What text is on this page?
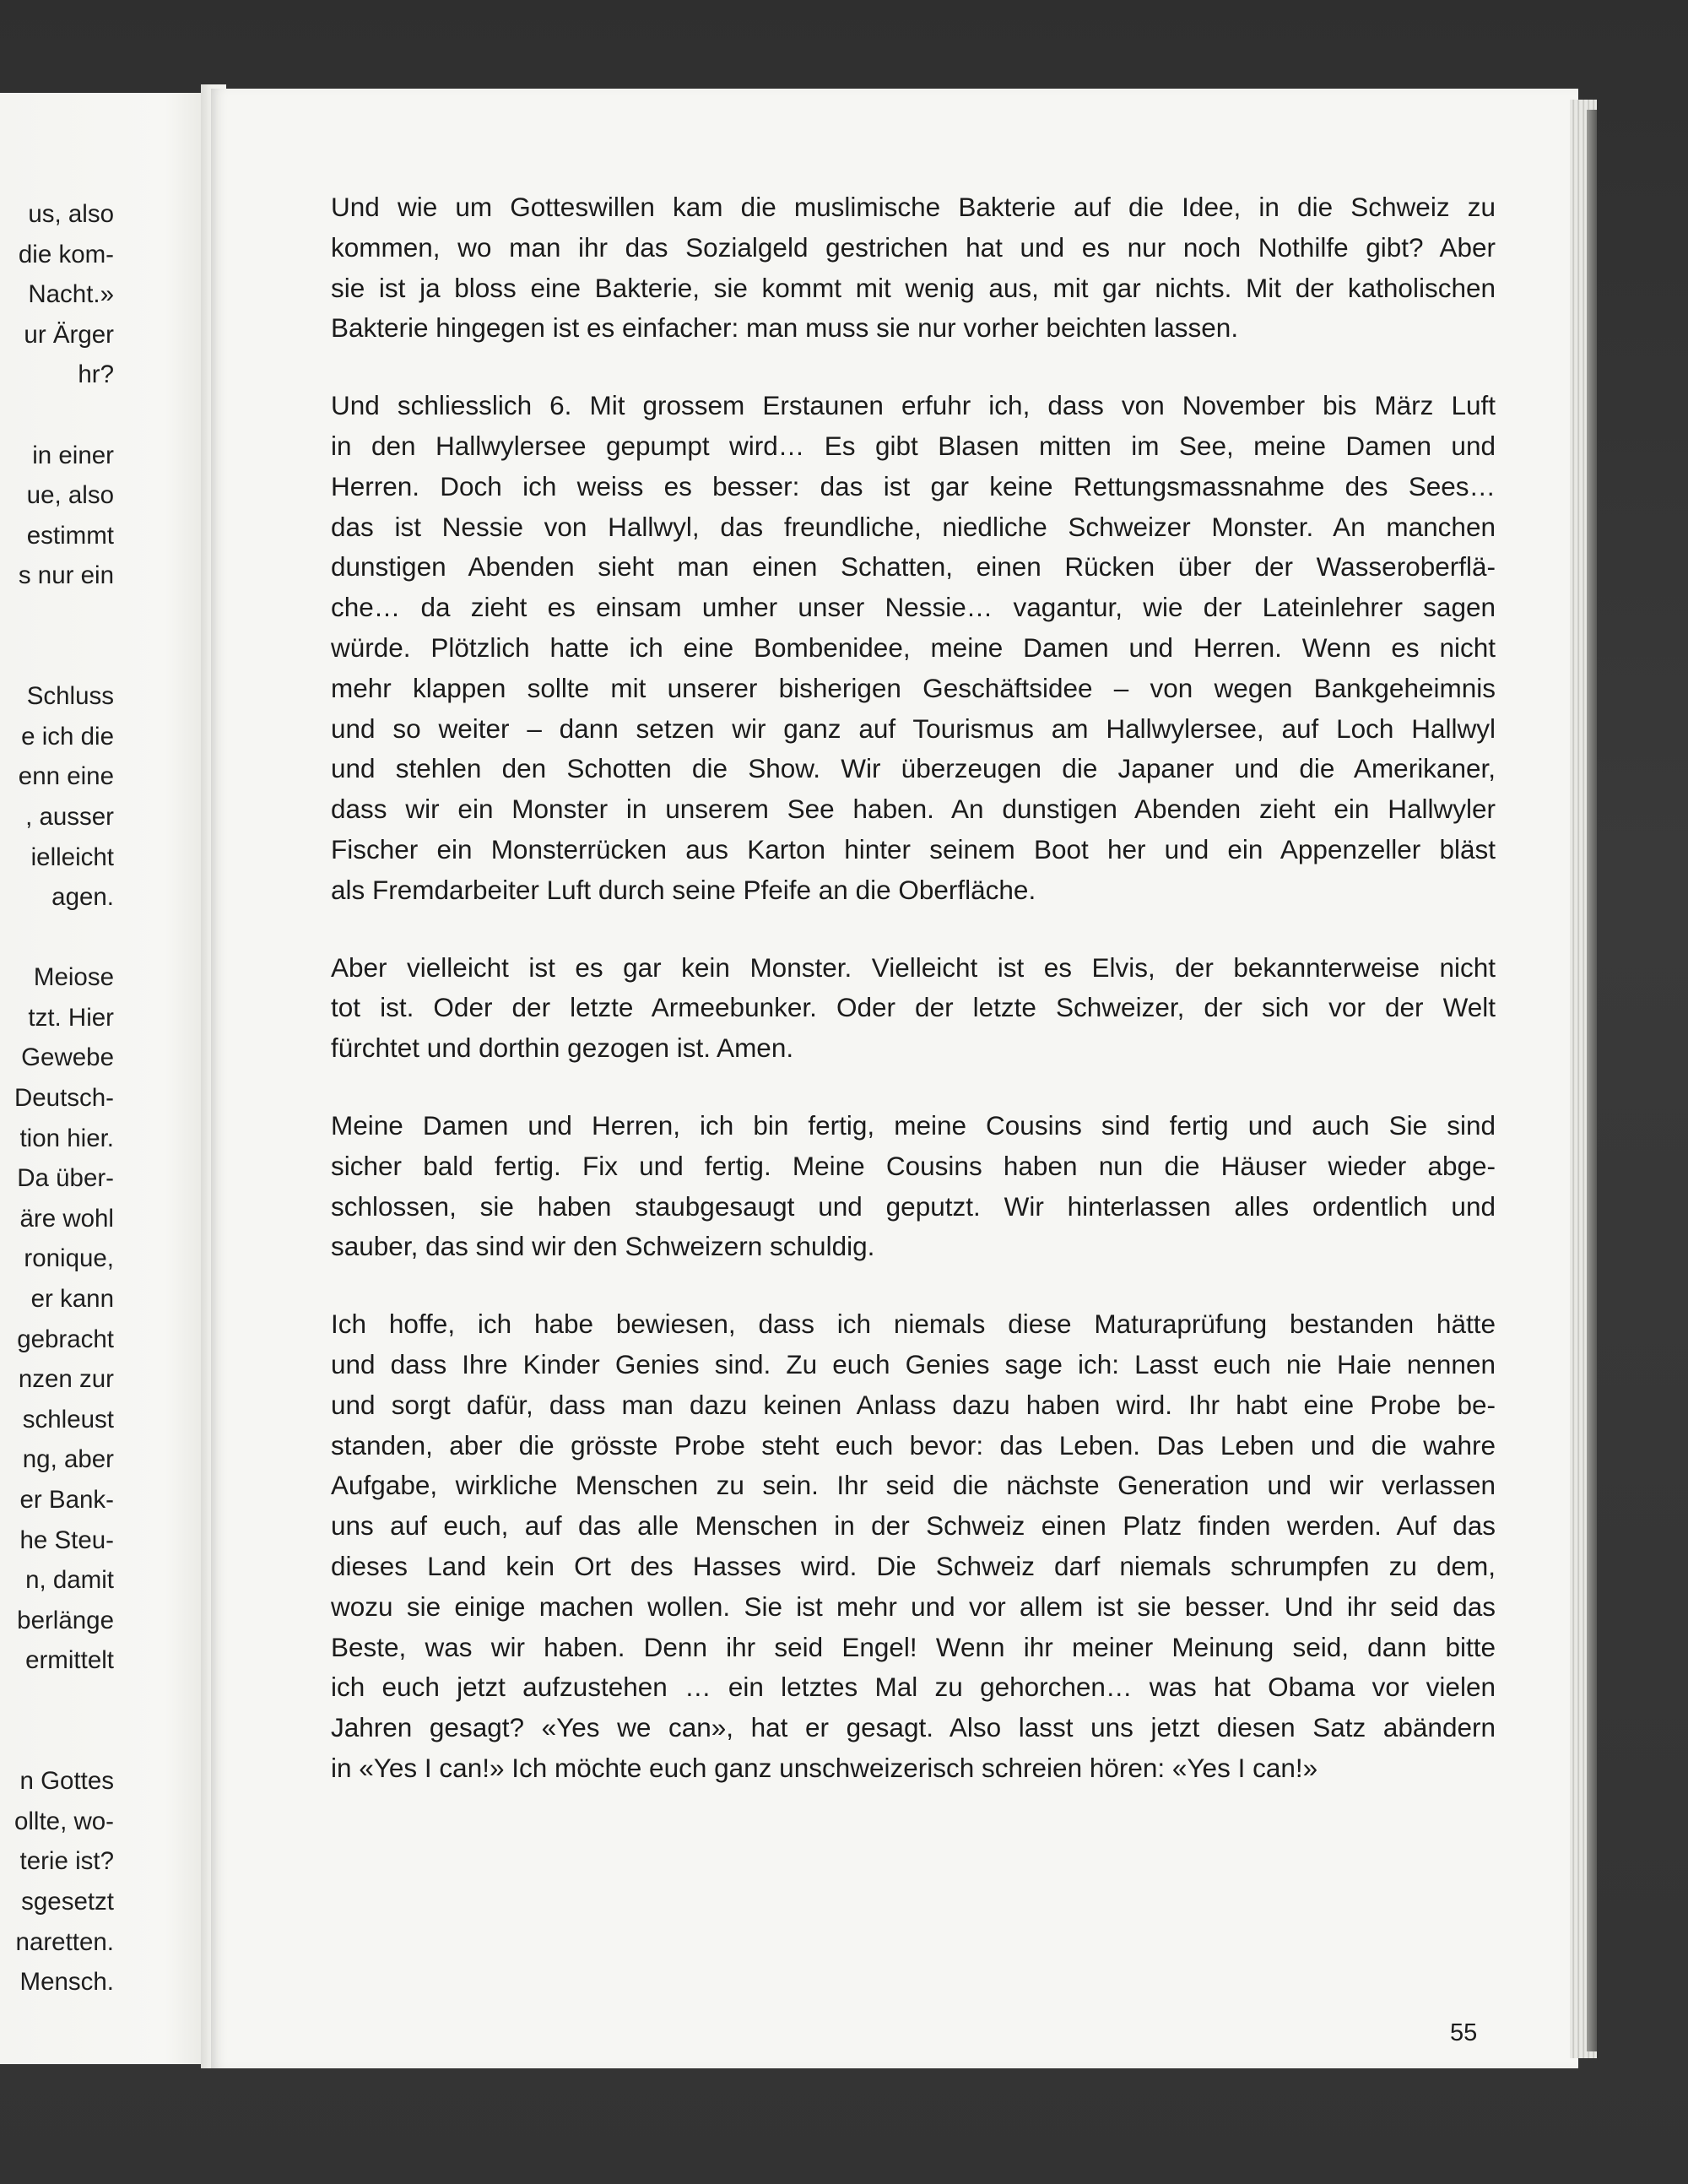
us, also
die kom-
Nacht.»
ur Ärger
hr?
in einer
ue, also
estimmt
s nur ein
Schluss
e ich die
enn eine
, ausser
ielleicht
agen.
Meiose
tzt. Hier
Gewebe
Deutsch-
tion hier.
Da über-
äre wohl
ronique,
er kann
gebracht
nzen zur
schleust
ng, aber
er Bank-
he Steu-
n, damit
berlänge
ermittelt
n Gottes
ollte, wo-
terie ist?
sgesetzt
naretten.
Mensch.
Und wie um Gotteswillen kam die muslimische Bakterie auf die Idee, in die Schweiz zu
kommen, wo man ihr das Sozialgeld gestrichen hat und es nur noch Nothilfe gibt? Aber
sie ist ja bloss eine Bakterie, sie kommt mit wenig aus, mit gar nichts. Mit der katholischen
Bakterie hingegen ist es einfacher: man muss sie nur vorher beichten lassen.
Und schliesslich 6. Mit grossem Erstaunen erfuhr ich, dass von November bis März Luft
in den Hallwylersee gepumpt wird… Es gibt Blasen mitten im See, meine Damen und
Herren. Doch ich weiss es besser: das ist gar keine Rettungsmassnahme des Sees…
das ist Nessie von Hallwyl, das freundliche, niedliche Schweizer Monster. An manchen
dunstigen Abenden sieht man einen Schatten, einen Rücken über der Wasseroberflä-
che… da zieht es einsam umher unser Nessie… vagantur, wie der Lateinlehrer sagen
würde. Plötzlich hatte ich eine Bombenidee, meine Damen und Herren. Wenn es nicht
mehr klappen sollte mit unserer bisherigen Geschäftsidee – von wegen Bankgeheimnis
und so weiter – dann setzen wir ganz auf Tourismus am Hallwylersee, auf Loch Hallwyl
und stehlen den Schotten die Show. Wir überzeugen die Japaner und die Amerikaner,
dass wir ein Monster in unserem See haben. An dunstigen Abenden zieht ein Hallwyler
Fischer ein Monsterrücken aus Karton hinter seinem Boot her und ein Appenzeller bläst
als Fremdarbeiter Luft durch seine Pfeife an die Oberfläche.
Aber vielleicht ist es gar kein Monster. Vielleicht ist es Elvis, der bekannterweise nicht
tot ist. Oder der letzte Armeebunker. Oder der letzte Schweizer, der sich vor der Welt
fürchtet und dorthin gezogen ist. Amen.
Meine Damen und Herren, ich bin fertig, meine Cousins sind fertig und auch Sie sind
sicher bald fertig. Fix und fertig. Meine Cousins haben nun die Häuser wieder abge-
schlossen, sie haben staubgesaugt und geputzt. Wir hinterlassen alles ordentlich und
sauber, das sind wir den Schweizern schuldig.
Ich hoffe, ich habe bewiesen, dass ich niemals diese Maturaprüfung bestanden hätte
und dass Ihre Kinder Genies sind. Zu euch Genies sage ich: Lasst euch nie Haie nennen
und sorgt dafür, dass man dazu keinen Anlass dazu haben wird. Ihr habt eine Probe be-
standen, aber die grösste Probe steht euch bevor: das Leben. Das Leben und die wahre
Aufgabe, wirkliche Menschen zu sein. Ihr seid die nächste Generation und wir verlassen
uns auf euch, auf das alle Menschen in der Schweiz einen Platz finden werden. Auf das
dieses Land kein Ort des Hasses wird. Die Schweiz darf niemals schrumpfen zu dem,
wozu sie einige machen wollen. Sie ist mehr und vor allem ist sie besser. Und ihr seid das
Beste, was wir haben. Denn ihr seid Engel! Wenn ihr meiner Meinung seid, dann bitte
ich euch jetzt aufzustehen … ein letztes Mal zu gehorchen… was hat Obama vor vielen
Jahren gesagt? «Yes we can», hat er gesagt. Also lasst uns jetzt diesen Satz abändern
in «Yes I can!» Ich möchte euch ganz unschweizerisch schreien hören: «Yes I can!»
55
